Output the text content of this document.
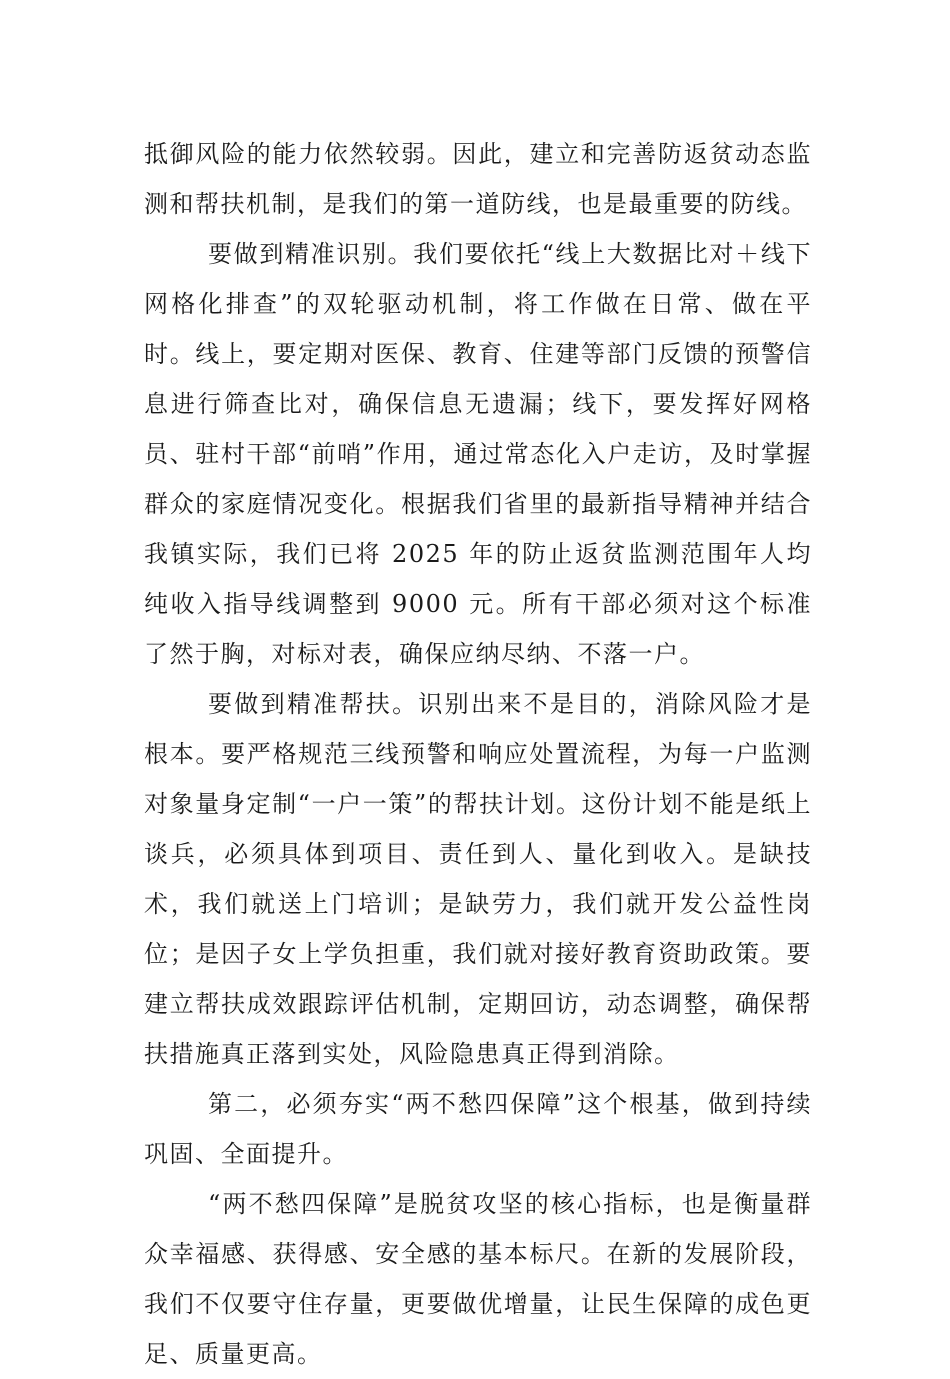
抵御风险的能力依然较弱。因此，建立和完善防返贫动态监测和帮扶机制，是我们的第一道防线，也是最重要的防线。

要做到精准识别。我们要依托“线上大数据比对＋线下网格化排查”的双轮驱动机制，将工作做在日常、做在平时。线上，要定期对医保、教育、住建等部门反馈的预警信息进行筛查比对，确保信息无遗漏；线下，要发挥好网格员、驻村干部“前哨”作用，通过常态化入户走访，及时掌握群众的家庭情况变化。根据我们省里的最新指导精神并结合我镇实际，我们已将 2025 年的防止返贫监测范围年人均纯收入指导线调整到 9000 元。所有干部必须对这个标准了然于胸，对标对表，确保应纳尽纳、不落一户。

要做到精准帮扶。识别出来不是目的，消除风险才是根本。要严格规范三线预警和响应处置流程，为每一户监测对象量身定制“一户一策”的帮扶计划。这份计划不能是纸上谈兵，必须具体到项目、责任到人、量化到收入。是缺技术，我们就送上门培训；是缺劳力，我们就开发公益性岗位；是因子女上学负担重，我们就对接好教育资助政策。要建立帮扶成效跟踪评估机制，定期回访，动态调整，确保帮扶措施真正落到实处，风险隐患真正得到消除。

第二，必须夯实“两不愁四保障”这个根基，做到持续巩固、全面提升。

“两不愁四保障”是脱贫攻坚的核心指标，也是衡量群众幸福感、获得感、安全感的基本标尺。在新的发展阶段，我们不仅要守住存量，更要做优增量，让民生保障的成色更足、质量更高。
